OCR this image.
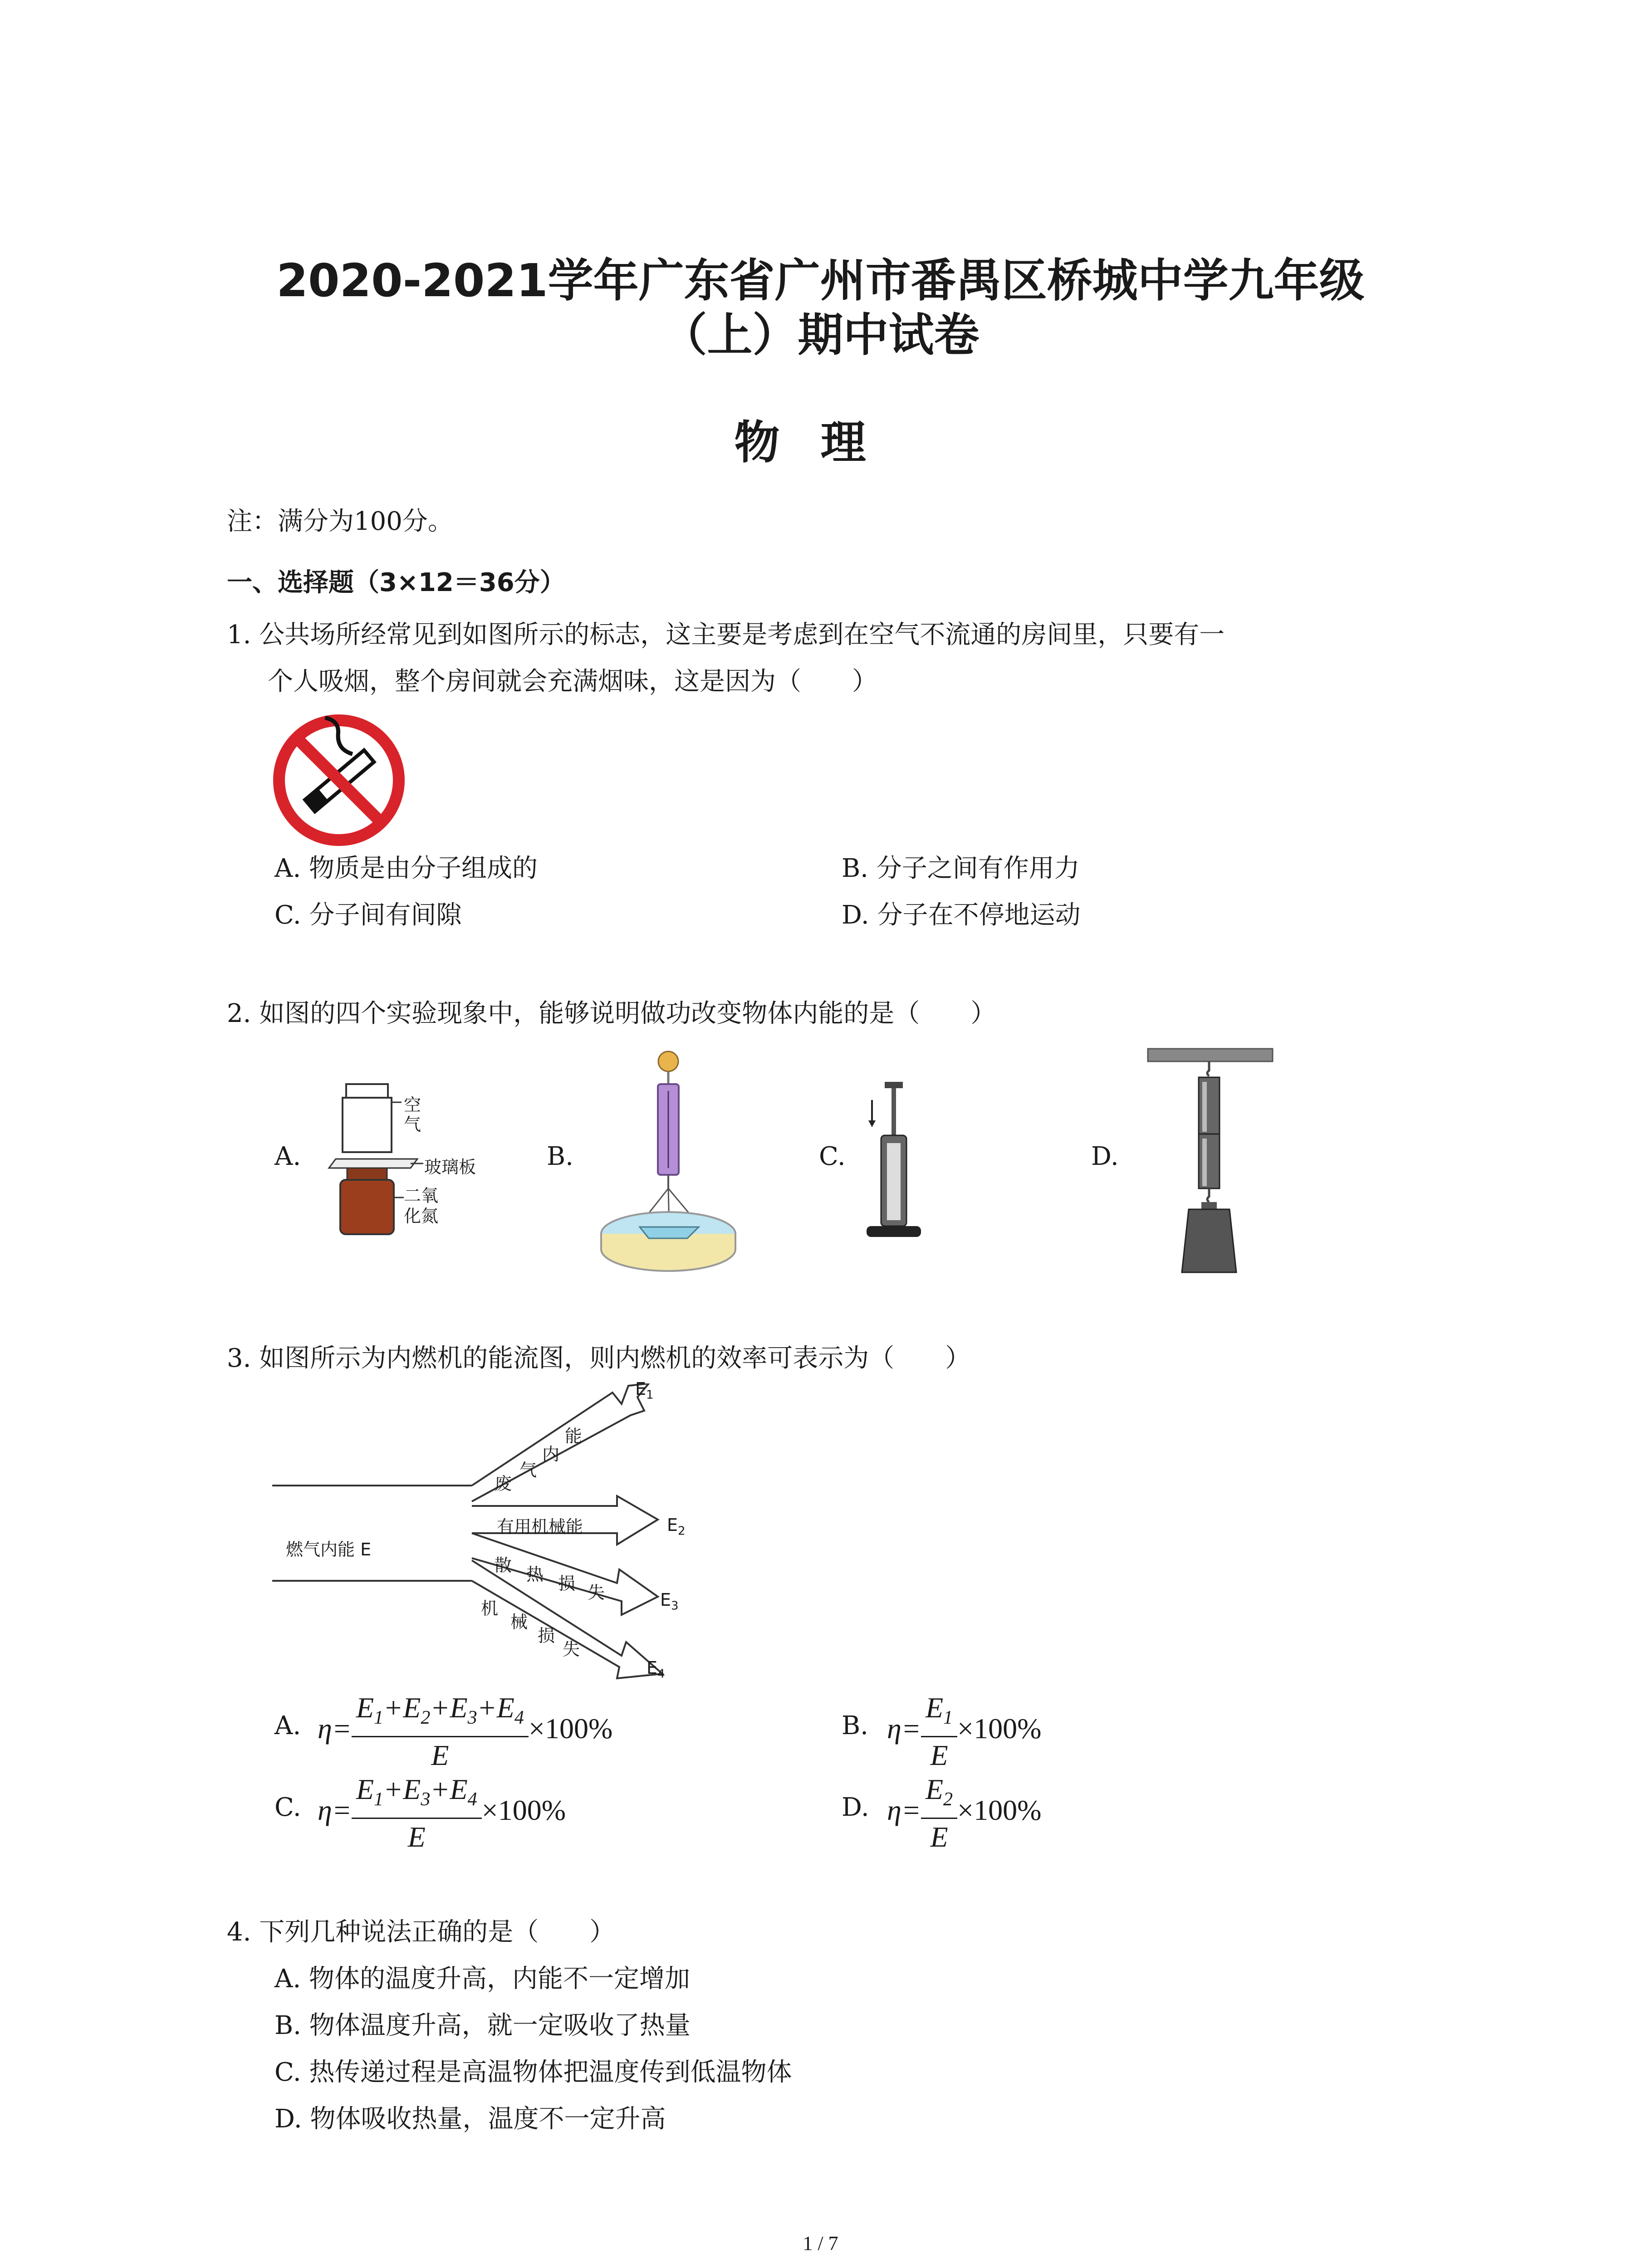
2020-2021学年广东省广州市番禺区桥城中学九年级
（上）期中试卷
物理
注：满分为100分。
一、选择题（3×12＝36分）
1. 公共场所经常见到如图所示的标志，这主要是考虑到在空气不流通的房间里，只要有一
个人吸烟，整个房间就会充满烟味，这是因为（　　）
A. 物质是由分子组成的	B. 分子之间有作用力
C. 分子间有间隙	D. 分子在不停地运动
2. 如图的四个实验现象中，能够说明做功改变物体内能的是（　　）
A.
空
气
玻璃板
二氧
化氮
B.	C.	D.
3. 如图所示为内燃机的能流图，则内燃机的效率可表示为（　　）
燃气内能 E
废
气
内
能
有用机械能
散 热 损 失
机
械
损
失
$E_1$
$E_2$
$E_3$
$E_4$
A. $\eta= \frac{E_1+E_2+E_3+E_4}{E} \times 100\%$	B. $\eta= \frac{E_1}{E} \times 100\%$
C. $\eta= \frac{E_1+E_3+E_4}{E} \times 100\%$	D. $\eta= \frac{E_2}{E} \times 100\%$
4. 下列几种说法正确的是（　　）
A. 物体的温度升高，内能不一定增加
B. 物体温度升高，就一定吸收了热量
C. 热传递过程是高温物体把温度传到低温物体
D. 物体吸收热量，温度不一定升高
1 / 7
